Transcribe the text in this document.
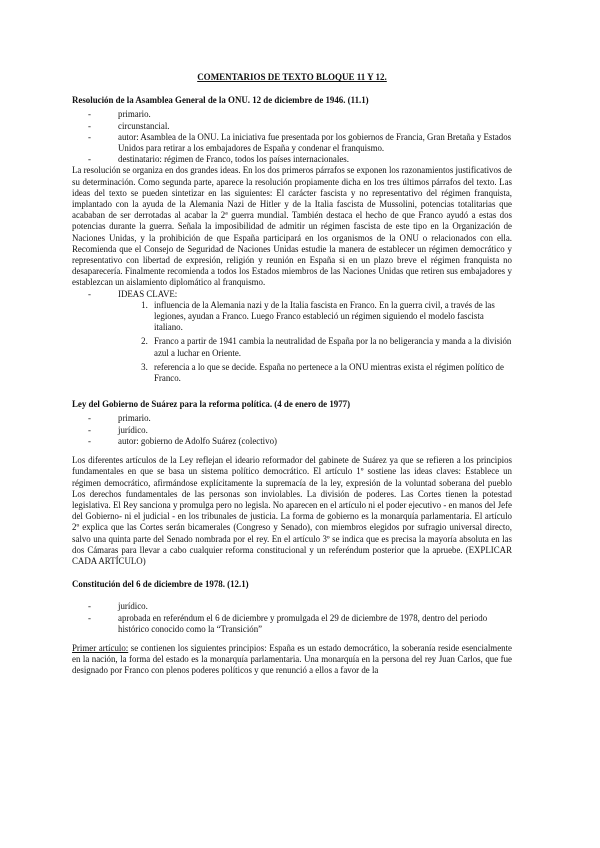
COMENTARIOS DE TEXTO BLOQUE 11 Y 12.
Resolución de la Asamblea General de la ONU. 12 de diciembre de 1946. (11.1)
- primario.
- circunstancial.
- autor: Asamblea de la ONU. La iniciativa fue presentada por los gobiernos de Francia, Gran Bretaña y Estados Unidos para retirar a los embajadores de España y condenar el franquismo.
- destinatario: régimen de Franco, todos los países internacionales.

La resolución se organiza en dos grandes ideas. En los dos primeros párrafos se exponen los razonamientos justificativos de su determinación. Como segunda parte, aparece la resolución propiamente dicha en los tres últimos párrafos del texto. Las ideas del texto se pueden sintetizar en las siguientes: El carácter fascista y no representativo del régimen franquista, implantado con la ayuda de la Alemania Nazi de Hitler y de la Italia fascista de Mussolini, potencias totalitarias que acababan de ser derrotadas al acabar la 2ª guerra mundial. También destaca el hecho de que Franco ayudó a estas dos potencias durante la guerra. Señala la imposibilidad de admitir un régimen fascista de este tipo en la Organización de Naciones Unidas, y la prohibición de que España participará en los organismos de la ONU o relacionados con ella. Recomienda que el Consejo de Seguridad de Naciones Unidas estudie la manera de establecer un régimen democrático y representativo con libertad de expresión, religión y reunión en España si en un plazo breve el régimen franquista no desaparecería. Finalmente recomienda a todos los Estados miembros de las Naciones Unidas que retiren sus embajadores y establezcan un aislamiento diplomático al franquismo.

- IDEAS CLAVE:
1. influencia de la Alemania nazi y de la Italia fascista en Franco. En la guerra civil, a través de las legiones, ayudan a Franco. Luego Franco estableció un régimen siguiendo el modelo fascista italiano.
2. Franco a partir de 1941 cambia la neutralidad de España por la no beligerancia y manda a la división azul a luchar en Oriente.
3. referencia a lo que se decide. España no pertenece a la ONU mientras exista el régimen político de Franco.
Ley del Gobierno de Suárez para la reforma política. (4 de enero de 1977)
- primario.
- jurídico.
- autor: gobierno de Adolfo Suárez (colectivo)

Los diferentes artículos de la Ley reflejan el ideario reformador del gabinete de Suárez ya que se refieren a los principios fundamentales en que se basa un sistema político democrático. El artículo 1º sostiene las ideas claves: Establece un régimen democrático, afirmándose explícitamente la supremacía de la ley, expresión de la voluntad soberana del pueblo Los derechos fundamentales de las personas son inviolables. La división de poderes. Las Cortes tienen la potestad legislativa. El Rey sanciona y promulga pero no legisla. No aparecen en el artículo ni el poder ejecutivo - en manos del Jefe del Gobierno- ni el judicial - en los tribunales de justicia. La forma de gobierno es la monarquía parlamentaria. El artículo 2º explica que las Cortes serán bicamerales (Congreso y Senado), con miembros elegidos por sufragio universal directo, salvo una quinta parte del Senado nombrada por el rey. En el artículo 3º se indica que es precisa la mayoría absoluta en las dos Cámaras para llevar a cabo cualquier reforma constitucional y un referéndum posterior que la apruebe. (EXPLICAR CADA ARTÍCULO)

Constitución del 6 de diciembre de 1978. (12.1)
- jurídico.
- aprobada en referéndum el 6 de diciembre y promulgada el 29 de diciembre de 1978, dentro del periodo histórico conocido como la “Transición”

Primer artículo: se contienen los siguientes principios: España es un estado democrático, la soberanía reside esencialmente en la nación, la forma del estado es la monarquía parlamentaria. Una monarquía en la persona del rey Juan Carlos, que fue designado por Franco con plenos poderes políticos y que renunció a ellos a favor de la
